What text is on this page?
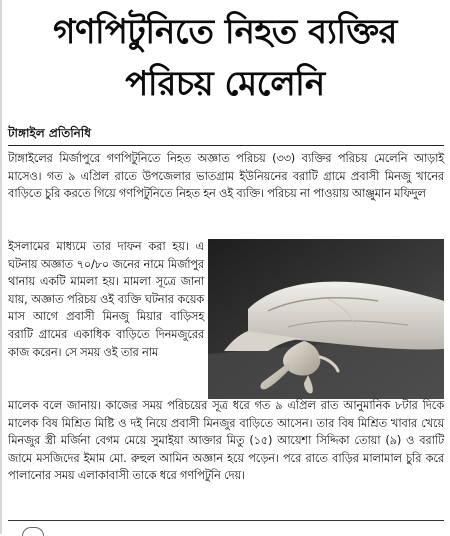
গণপিটুনিতে নিহত ব্যক্তির
পরিচয় মেলেনি
টাঙ্গাইল প্রতিনিধি
টাঙ্গাইলের মির্জাপুরে গণপিটুনিতে নিহত অজ্ঞাত পরিচয় (৩৩) ব্যক্তির পরিচয় মেলেনি আড়াই মাসেও। গত ৯ এপ্রিল রাতে উপজেলার ভাতগ্রাম ইউনিয়নের বরাটি গ্রামে প্রবাসী মিনজু খানের বাড়িতে চুরি করতে গিয়ে গণপিটুনিতে নিহত হন ওই ব্যক্তি। পরিচয় না পাওয়ায় আঞ্জুমান মফিদুল
ইসলামের মাধ্যমে তার দাফন করা হয়। এ ঘটনায় অজ্ঞাত ৭০/৮০ জনের নামে মির্জাপুর থানায় একটি মামলা হয়। মামলা সূত্রে জানা যায়, অজ্ঞাত পরিচয় ওই ব্যক্তি ঘটনার কয়েক মাস আগে প্রবাসী মিনজু মিয়ার বাড়িসহ বরাটি গ্রামের একাধিক বাড়িতে দিনমজুরের কাজ করেন। সে সময় ওই তার নাম
মালেক বলে জানায়। কাজের সময় পরিচয়ের সূত্র ধরে গত ৯ এপ্রিল রাত আনুমানিক ৮টার দিকে মালেক বিষ মিশ্রিত মিষ্টি ও দই নিয়ে প্রবাসী মিনজুর বাড়িতে আসেন। তার বিষ মিশ্রিত খাবার খেয়ে মিনজুর স্ত্রী মর্জিনা বেগম মেয়ে সুমাইয়া আক্তার মিতু (১৫) আয়েশা সিদ্দিকা তোয়া (৯) ও বরাটি জামে মসজিদের ইমাম মো. রুহুল আমিন অজ্ঞান হয়ে পড়েন। পরে রাতে বাড়ির মালামাল চুরি করে পালানোর সময় এলাকাবাসী তাকে ধরে গণপিটুনি দেয়।
